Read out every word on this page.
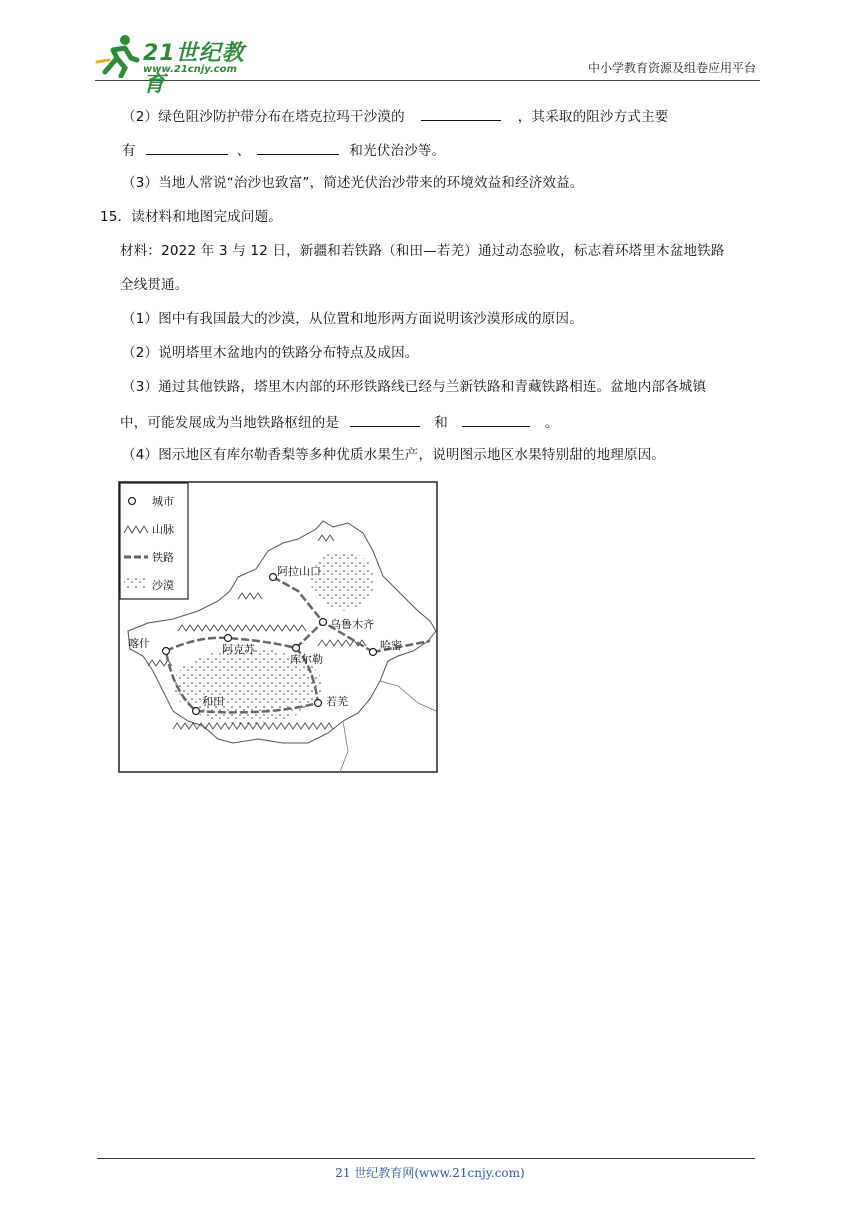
21世纪教育
www.21cnjy.com	中小学教育资源及组卷应用平台
（2）绿色阻沙防护带分布在塔克拉玛干沙漠的	，其采取的阻沙方式主要
有	、	和光伏治沙等。
（3）当地人常说“治沙也致富”，简述光伏治沙带来的环境效益和经济效益。
15．读材料和地图完成问题。
材料：2022 年 3 与 12 日，新疆和若铁路（和田—若羌）通过动态验收，标志着环塔里木盆地铁路
全线贯通。
（1）图中有我国最大的沙漠，从位置和地形两方面说明该沙漠形成的原因。
（2）说明塔里木盆地内的铁路分布特点及成因。
（3）通过其他铁路，塔里木内部的环形铁路线已经与兰新铁路和青藏铁路相连。盆地内部各城镇
中，可能发展成为当地铁路枢纽的是	和	。
（4）图示地区有库尔勒香梨等多种优质水果生产，说明图示地区水果特别甜的地理原因。
阿拉山口
乌鲁木齐
哈密
喀什	阿克苏
库尔勒
和田	若羌
城市
山脉
铁路
沙漠
21 世纪教育网(www.21cnjy.com)
